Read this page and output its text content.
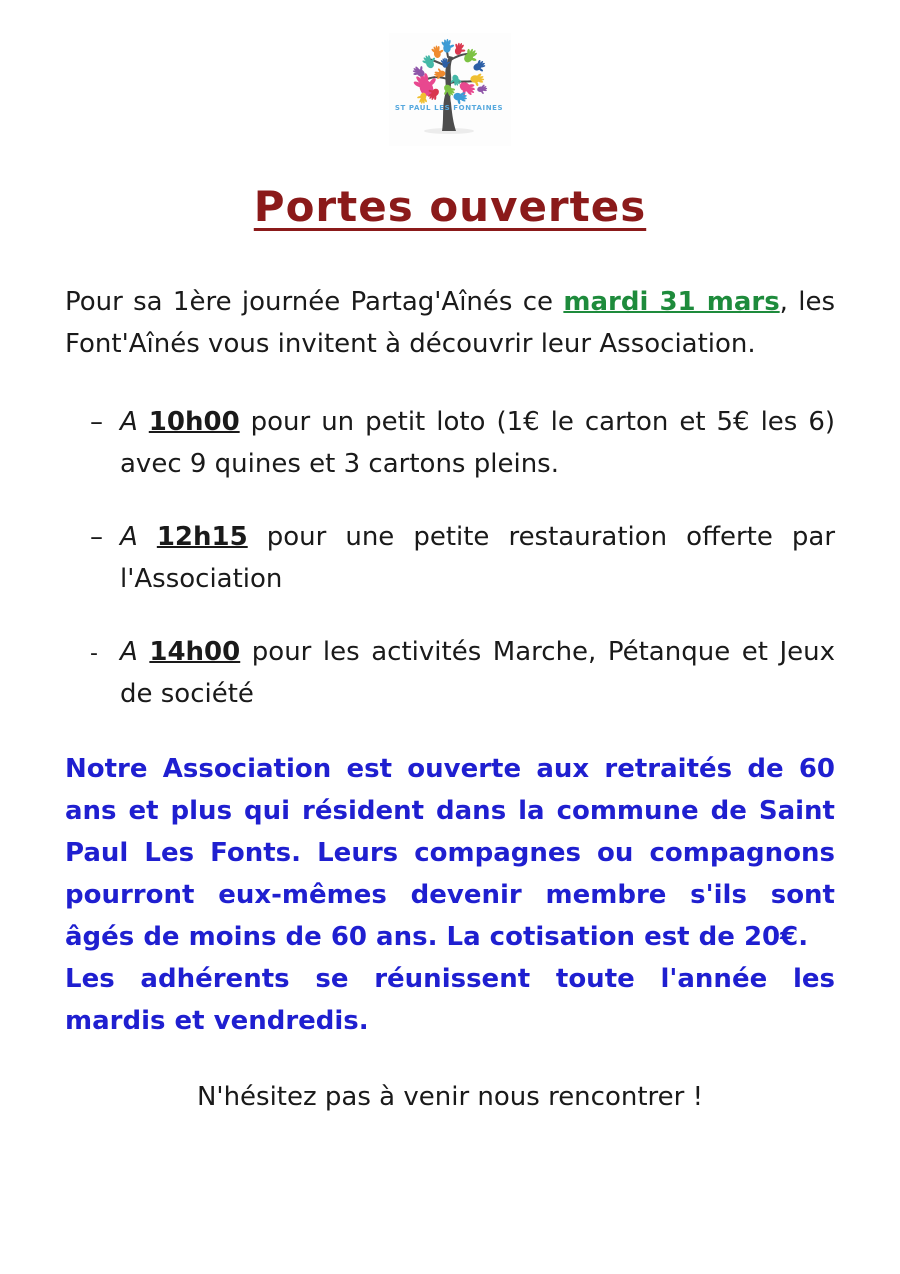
ST PAUL LES FONTAINES
Portes ouvertes

Pour sa 1ère journée Partag'Aînés ce mardi 31 mars, les Font'Aînés vous invitent à découvrir leur Association.

– A 10h00 pour un petit loto (1€ le carton et 5€ les 6) avec 9 quines et 3 cartons pleins.
– A 12h15 pour une petite restauration offerte par l'Association
- A 14h00 pour les activités Marche, Pétanque et Jeux de société

Notre Association est ouverte aux retraités de 60 ans et plus qui résident dans la commune de Saint Paul Les Fonts. Leurs compagnes ou compagnons pourront eux-mêmes devenir membre s'ils sont âgés de moins de 60 ans. La cotisation est de 20€.

Les adhérents se réunissent toute l'année les mardis et vendredis.

N'hésitez pas à venir nous rencontrer !
